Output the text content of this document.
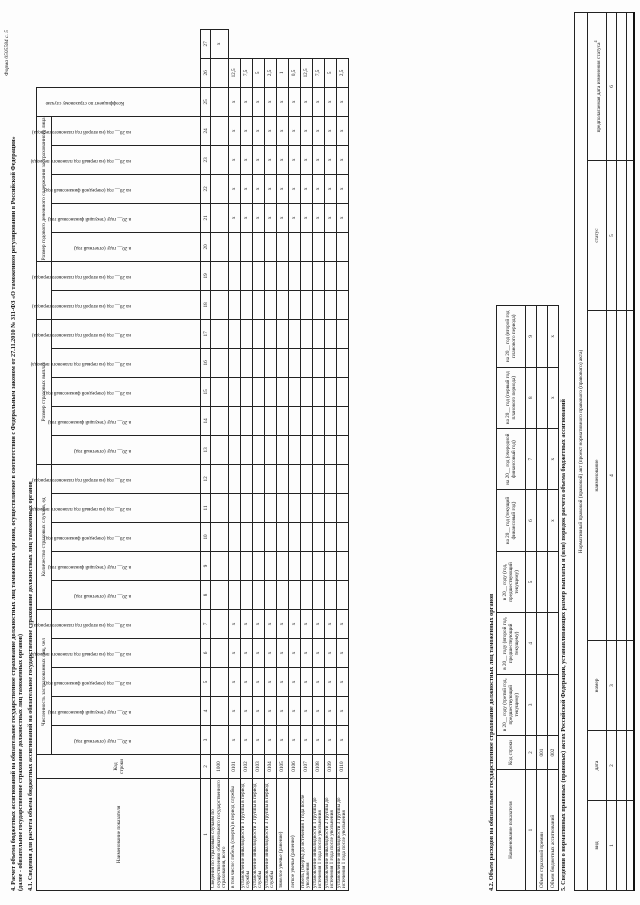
Форма 0505584 с. 5
4. Расчет объема бюджетных ассигнований на обязательное государственное страхование должностных лиц таможенных органов, осуществляемое в соответствии с Федеральным законом от 27.11.2010 № 311-ФЗ «О таможенном регулировании в Российской Федерации» (далее - обязательное государственное страхование должностных лиц таможенных органов) 4.1. Сведения для расчета объема бюджетных ассигнований на обязательное государственное страхование должностных лиц таможенных органов	Наименование показателя	Код строки	Численность застрахованных лиц, чел					Количество страховых случаев, ед					Размер страховых выплат							Размер годового денежного содержания застрахованного лица					Коэффициент по страховому случаю		

		в 20__ году (отчетный год)	в 20__ году (текущий финансовый год)	на 20__ год (очередной финансовый год)	на 20__ год (на первый год планового периода)	на 20__ год (на второй год планового периода)	в 20__ году (отчетный год)	в 20__ году (текущий финансовый год)	на 20__ год (очередной финансовый год)	на 20__ год (на первый год планового периода)	на 20__ год (на второй год планового периода)	в 20__ году (отчетный год)	в 20__ году (текущий финансовый год)	на 20__ год (очередной финансовый год)	на 20__ год (на первый год планового периода)	на 20__ год (на второй год планового периода)	на 20__ год (на второй год планового периода)	на 20__ год (на второй год планового периода)	в 20__ году (отчетный год)	в 20__ году (текущий финансовый год)	на 20__ год (очередной финансовый год)	на 20__ год (на первый год планового периода)	на 20__ год (на второй год планового периода)			

1	2	3	4	5	6	7	8	9	10	11	12	13	14	15	16	17	18	19	20	21	22	23	24	25	26	27
Сведения по страховым случаям по осуществлению обязательного государственного страхования, всего	1000																									x
в том числе: гибель (смерть) в период службы	0101	x	x	x	x	x														x	x	x	x	x	12,5	
установление инвалидности 1 группы в период службы	0102	x	x	x	x	x														x	x	x	x	x	7,5	
установление инвалидности 2 группы в период службы	0103	x	x	x	x	x														x	x	x	x	x	5	
установление инвалидности 3 группы в период службы	0104	x	x	x	x	x														x	x	x	x	x	2,5	
тяжелое увечье (ранение)	0105	x	x	x	x	x														x	x	x	x	x	1	
легкое увечье (ранение)	0106	x	x	x	x	x														x	x	x	x	x	0,5	
гибель (смерть) до истечения 1 года после увольнения	0107	x	x	x	x	x														x	x	x	x	x	12,5	
установление инвалидности 1 группы до истечения 1 года после увольнения	0108	x	x	x	x	x														x	x	x	x	x	7,5	
установление инвалидности 2 группы до истечения 1 года после увольнения	0109	x	x	x	x	x														x	x	x	x	x	5	
установление инвалидности 3 группы до истечения 1 года после увольнения	0110	x	x	x	x	x														x	x	x	x	x	2,5	
4.2. Объем расходов на обязательное государственное страхование должностных лиц таможенных органов	Наименование показателя	Код строки	в 20__ году (третий год, предшествующий текущему)	в 20__ году (второй год, предшествующий текущему)	в 20__ году (год, предшествующий текущему)	на 20__ год (текущий финансовый год)	на 20__ год (очередной финансовый год)	на 20__ год (первый год планового периода)	на 20__ год (второй год планового периода)
1	2	3	4	5	6	7	8	9
Объем страховой премии	001							
Объем бюджетных ассигнований	002				x	x	x	x
5. Сведения о нормативных правовых (правовых) актах Российской Федерации, устанавливающих размер выплаты и (или) порядок расчета объема бюджетных ассигнований Нормативный правовой (правовой) акт (проект нормативного правового (правового) акта)					
вид	дата	номер	наименование	статус	предполагаемая дата изменения статуса$^4$
1	2	3	4	5	6
